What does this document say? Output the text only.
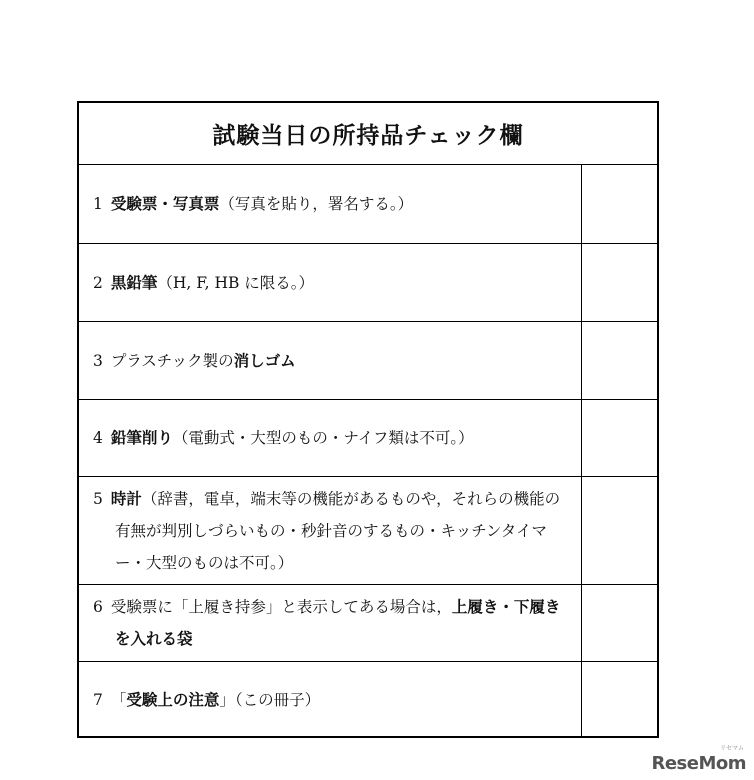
試験当日の所持品チェック欄
1 受験票・写真票（写真を貼り，署名する。）
2 黒鉛筆（H, F, HB に限る。）
3 プラスチック製の消しゴム
4 鉛筆削り（電動式・大型のもの・ナイフ類は不可。）
5 時計（辞書，電卓，端末等の機能があるものや，それらの機能の有無が判別しづらいもの・秒針音のするもの・キッチンタイマー・大型のものは不可。）
6 受験票に「上履き持参」と表示してある場合は，上履き・下履きを入れる袋
7 「受験上の注意」（この冊子）
リセマム
ReseMom
